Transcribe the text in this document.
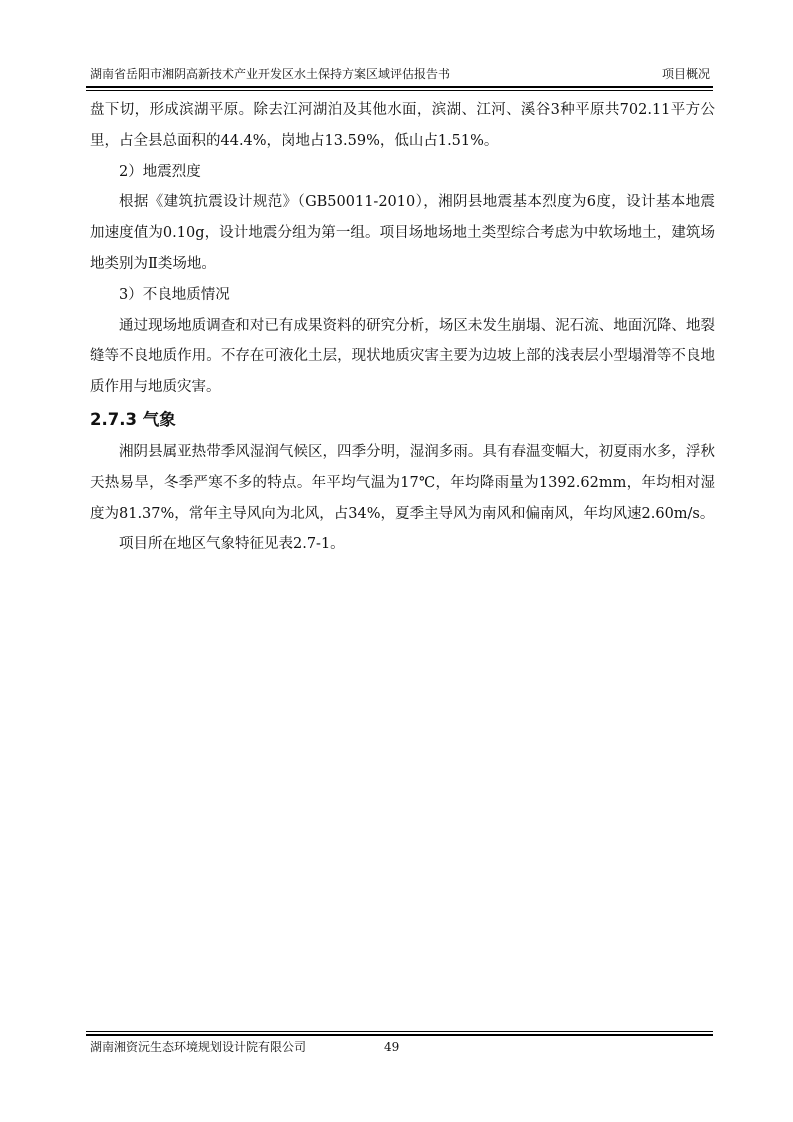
湖南省岳阳市湘阴高新技术产业开发区水土保持方案区域评估报告书	项目概况

盘下切，形成滨湖平原。除去江河湖泊及其他水面，滨湖、江河、溪谷3种平原共702.11平方公里，占全县总面积的44.4%，岗地占13.59%，低山占1.51%。

2）地震烈度

根据《建筑抗震设计规范》（GB50011-2010），湘阴县地震基本烈度为6度，设计基本地震加速度值为0.10g，设计地震分组为第一组。项目场地场地土类型综合考虑为中软场地土，建筑场地类别为Ⅱ类场地。

3）不良地质情况

通过现场地质调查和对已有成果资料的研究分析，场区未发生崩塌、泥石流、地面沉降、地裂缝等不良地质作用。不存在可液化土层，现状地质灾害主要为边坡上部的浅表层小型塌滑等不良地质作用与地质灾害。

2.7.3 气象

湘阴县属亚热带季风湿润气候区，四季分明，湿润多雨。具有春温变幅大，初夏雨水多，浮秋天热易旱，冬季严寒不多的特点。年平均气温为17℃，年均降雨量为1392.62mm，年均相对湿度为81.37%，常年主导风向为北风，占34%，夏季主导风为南风和偏南风，年均风速2.60m/s。

项目所在地区气象特征见表2.7-1。

湖南湘资沅生态环境规划设计院有限公司	49
